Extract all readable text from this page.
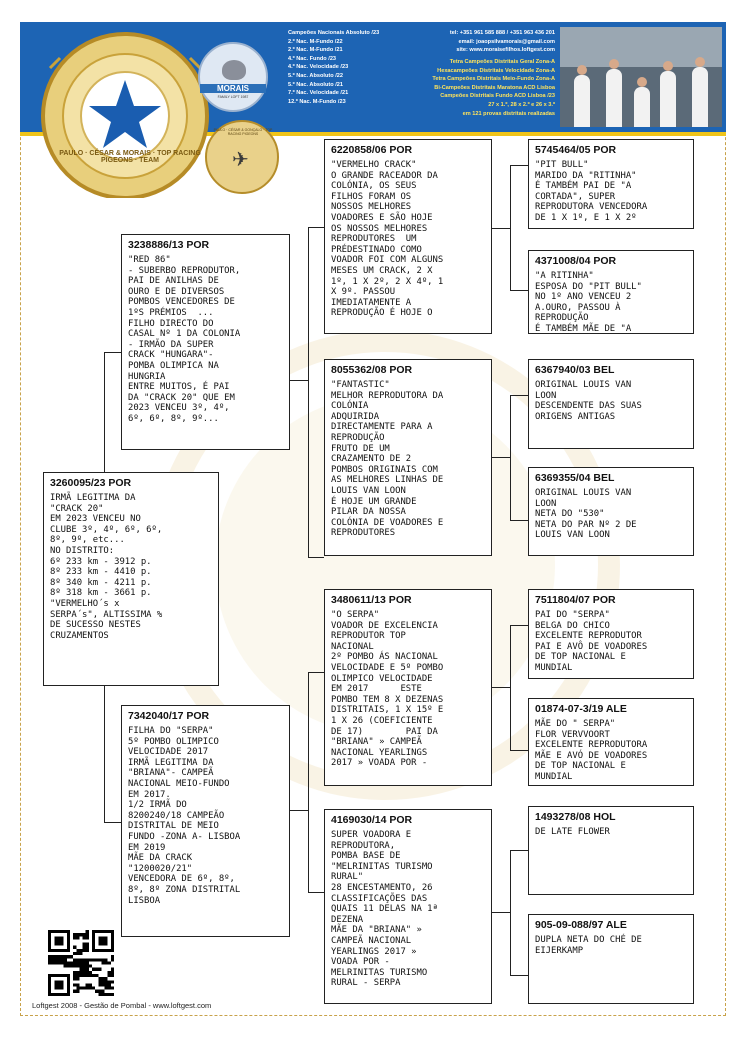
PAULO · CÉSAR & MORAIS · TOP RACING PIGEONS · TEAM
MORAIS
FAMILY LOFT 1987
✈
PAULO · CÉSAR & GONÇALO · TOP RACING PIGEONS
Campeões Nacionais Absoluto /23
2.º Nac. M-Fundo /22
2.º Nac. M-Fundo /21
4.º Nac. Fundo /23
4.º Nac. Velocidade /23
5.º Nac. Absoluto /22
5.º Nac. Absoluto /21
7.º Nac. Velocidade /21
12.º Nac. M-Fundo /23
tel: +351 961 585 888 / +351 963 436 201
email: joaopsilvamorais@gmail.com
site: www.moraisefilhos.loftgest.com
Tetra Campeões Distritais Geral Zona-A
Hexacampeões Distritais Velocidade Zona-A
Tetra Campeões Distritais Meio-Fundo Zona-A
Bi-Campeões Distritais Maratona ACD Lisboa
Campeões Distritais Fundo ACD Lisboa /23
27 x 1.º, 28 x 2.º e 26 x 3.º
em 121 provas distritais realizadas
3260095/23 POR
IRMÃ LEGITIMA DA
"CRACK 20"
EM 2023 VENCEU NO
CLUBE 3º, 4º, 6º, 6º,
8º, 9º, etc...
NO DISTRITO:
6º 233 km - 3912 p.
8º 233 km - 4410 p.
8º 340 km - 4211 p.
8º 318 km - 3661 p.
"VERMELHO´s x
SERPA´s", ALTISSIMA %
DE SUCESSO NESTES
CRUZAMENTOS
3238886/13 POR
"RED 86"
- SUBERBO REPRODUTOR,
PAI DE ANILHAS DE
OURO E DE DIVERSOS
POMBOS VENCEDORES DE
1ºS PRÉMIOS  ...
FILHO DIRECTO DO
CASAL Nº 1 DA COLONIA
- IRMÃO DA SUPER
CRACK "HUNGARA"-
POMBA OLIMPICA NA
HUNGRIA
ENTRE MUITOS, É PAI
DA "CRACK 20" QUE EM
2023 VENCEU 3º, 4º,
6º, 6º, 8º, 9º...
7342040/17 POR
FILHA DO "SERPA"
5º POMBO OLIMPICO
VELOCIDADE 2017
IRMÃ LEGITIMA DA
"BRIANA"- CAMPEÃ
NACIONAL MEIO-FUNDO
EM 2017.
1/2 IRMÃ DO
8200240/18 CAMPEÃO
DISTRITAL DE MEIO
FUNDO -ZONA A- LISBOA
EM 2019
MÃE DA CRACK
"1200020/21"
VENCEDORA DE 6º, 8º,
8º, 8º ZONA DISTRITAL
LISBOA
6220858/06 POR
"VERMELHO CRACK"
O GRANDE RACEADOR DA
COLÓNIA, OS SEUS
FILHOS FORAM OS
NOSSOS MELHORES
VOADORES E SÃO HOJE
OS NOSSOS MELHORES
REPRODUTORES  UM
PRÉDESTINADO COMO
VOADOR FOI COM ALGUNS
MESES UM CRACK, 2 X
1º, 1 X 2º, 2 X 4º, 1
X 9º. PASSOU
IMEDIATAMENTE A
REPRODUÇÃO É HOJE O
8055362/08 POR
"FANTASTIC"
MELHOR REPRODUTORA DA
COLÓNIA
ADQUIRIDA
DIRECTAMENTE PARA A
REPRODUÇÃO
FRUTO DE UM
CRAZAMENTO DE 2
POMBOS ORIGINAIS COM
AS MELHORES LINHAS DE
LOUIS VAN LOON
É HOJE UM GRANDE
PILAR DA NOSSA
COLÓNIA DE VOADORES E
REPRODUTORES
3480611/13 POR
"O SERPA"
VOADOR DE EXCELENCIA
REPRODUTOR TOP
NACIONAL
2º POMBO ÁS NACIONAL
VELOCIDADE E 5º POMBO
OLIMPICO VELOCIDADE
EM 2017      ESTE
POMBO TEM 8 X DEZENAS
DISTRITAIS, 1 X 15º E
1 X 26 (COEFICIENTE
DE 17)        PAI DA
"BRIANA" » CAMPEÃ
NACIONAL YEARLINGS
2017 » VOADA POR -
4169030/14 POR
SUPER VOADORA E
REPRODUTORA,
POMBA BASE DE
"MELRINITAS TURISMO
RURAL"
28 ENCESTAMENTO, 26
CLASSIFICAÇÕES DAS
QUAIS 11 DELAS NA 1ª
DEZENA
MÃE DA "BRIANA" »
CAMPEÃ NACIONAL
YEARLINGS 2017 »
VOADA POR -
MELRINITAS TURISMO
RURAL - SERPA
5745464/05 POR
"PIT BULL"
MARIDO DA "RITINHA"
É TAMBÉM PAI DE "A
CORTADA", SUPER
REPRODUTORA VENCEDORA
DE 1 X 1º, E 1 X 2º
4371008/04 POR
"A RITINHA"
ESPOSA DO "PIT BULL"
NO 1º ANO VENCEU 2
A.OURO, PASSOU À
REPRODUÇÃO
É TAMBÉM MÃE DE "A
6367940/03 BEL
ORIGINAL LOUIS VAN
LOON
DESCENDENTE DAS SUAS
ORIGENS ANTIGAS
6369355/04 BEL
ORIGINAL LOUIS VAN
LOON
NETA DO "530"
NETA DO PAR Nº 2 DE
LOUIS VAN LOON
7511804/07 POR
PAI DO "SERPA"
BELGA DO CHICO
EXCELENTE REPRODUTOR
PAI E AVÔ DE VOADORES
DE TOP NACIONAL E
MUNDIAL
01874-07-3/19 ALE
MÃE DO " SERPA"
FLOR VERVVOORT
EXCELENTE REPRODUTORA
MÃE E AVÓ DE VOADORES
DE TOP NACIONAL E
MUNDIAL
1493278/08 HOL
DE LATE FLOWER
905-09-088/97 ALE
DUPLA NETA DO CHÉ DE
EIJERKAMP
Loftgest 2008 - Gestão de Pombal - www.loftgest.com
